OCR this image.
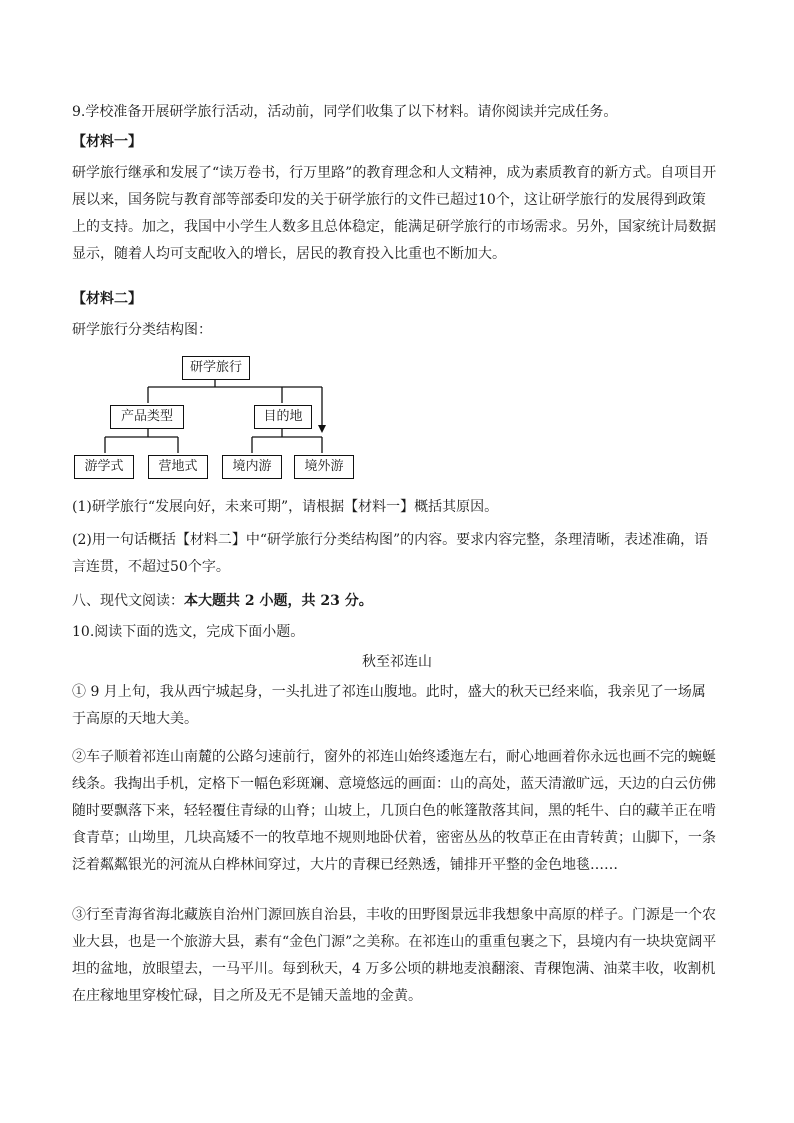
9.学校准备开展研学旅行活动，活动前，同学们收集了以下材料。请你阅读并完成任务。

【材料一】

研学旅行继承和发展了“读万卷书，行万里路”的教育理念和人文精神，成为素质教育的新方式。自项目开展以来，国务院与教育部等部委印发的关于研学旅行的文件已超过10个，这让研学旅行的发展得到政策上的支持。加之，我国中小学生人数多且总体稳定，能满足研学旅行的市场需求。另外，国家统计局数据显示，随着人均可支配收入的增长，居民的教育投入比重也不断加大。

【材料二】

研学旅行分类结构图：

研学旅行
产品类型	目的地
游学式	营地式	境内游	境外游

(1)研学旅行“发展向好，未来可期”，请根据【材料一】概括其原因。

(2)用一句话概括【材料二】中“研学旅行分类结构图”的内容。要求内容完整，条理清晰，表述准确，语言连贯，不超过50个字。

八、现代文阅读：本大题共 2 小题，共 23 分。

10.阅读下面的选文，完成下面小题。

秋至祁连山

① 9 月上旬，我从西宁城起身，一头扎进了祁连山腹地。此时，盛大的秋天已经来临，我亲见了一场属于高原的天地大美。

②车子顺着祁连山南麓的公路匀速前行，窗外的祁连山始终逶迤左右，耐心地画着你永远也画不完的蜿蜒线条。我掏出手机，定格下一幅色彩斑斓、意境悠远的画面：山的高处，蓝天清澈旷远，天边的白云仿佛随时要飘落下来，轻轻覆住青绿的山脊；山坡上，几顶白色的帐篷散落其间，黑的牦牛、白的藏羊正在啃食青草；山坳里，几块高矮不一的牧草地不规则地卧伏着，密密丛丛的牧草正在由青转黄；山脚下，一条泛着粼粼银光的河流从白桦林间穿过，大片的青稞已经熟透，铺排开平整的金色地毯……

③行至青海省海北藏族自治州门源回族自治县，丰收的田野图景远非我想象中高原的样子。门源是一个农业大县，也是一个旅游大县，素有“金色门源”之美称。在祁连山的重重包裹之下，县境内有一块块宽阔平坦的盆地，放眼望去，一马平川。每到秋天，4 万多公顷的耕地麦浪翻滚、青稞饱满、油菜丰收，收割机在庄稼地里穿梭忙碌，目之所及无不是铺天盖地的金黄。
